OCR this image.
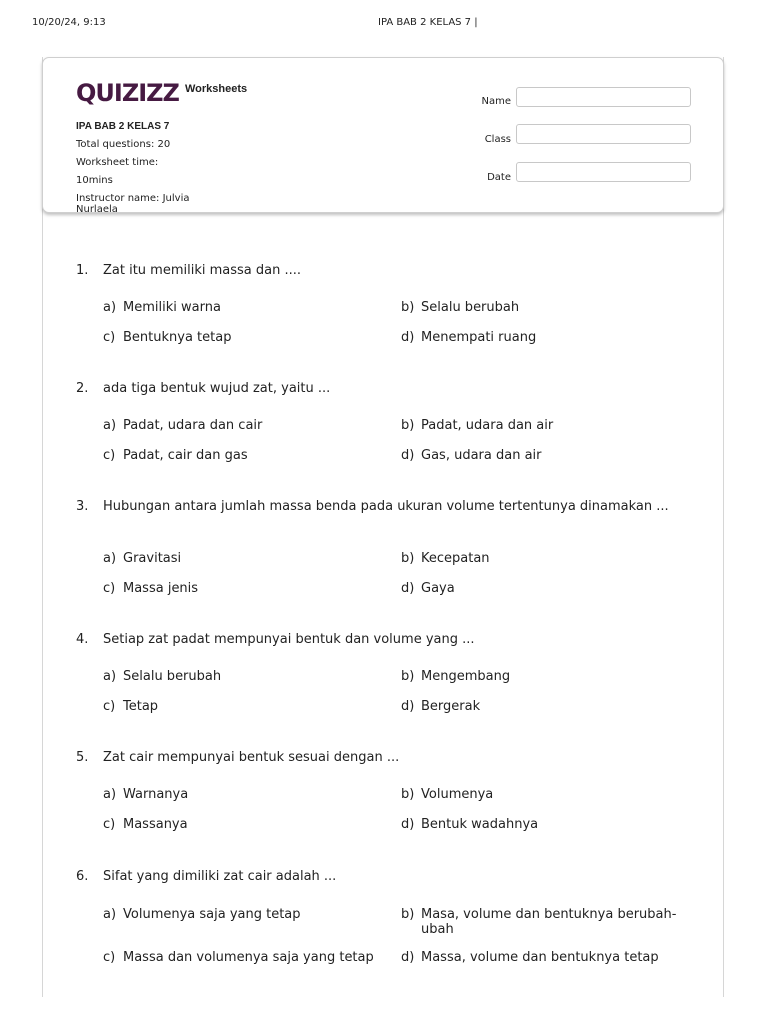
10/20/24, 9:13	IPA BAB 2 KELAS 7 |
QUIZIZZ Worksheets
IPA BAB 2 KELAS 7
Total questions: 20
Worksheet time:
10mins
Instructor name: Julvia Nurlaela
Name
Class
Date
1.	Zat itu memiliki massa dan ....
a) Memiliki warna	b) Selalu berubah
c) Bentuknya tetap	d) Menempati ruang
2.	ada tiga bentuk wujud zat, yaitu ...
a) Padat, udara dan cair	b) Padat, udara dan air
c) Padat, cair dan gas	d) Gas, udara dan air
3.	Hubungan antara jumlah massa benda pada ukuran volume tertentunya dinamakan ...
a) Gravitasi	b) Kecepatan
c) Massa jenis	d) Gaya
4.	Setiap zat padat mempunyai bentuk dan volume yang ...
a) Selalu berubah	b) Mengembang
c) Tetap	d) Bergerak
5.	Zat cair mempunyai bentuk sesuai dengan ...
a) Warnanya	b) Volumenya
c) Massanya	d) Bentuk wadahnya
6.	Sifat yang dimiliki zat cair adalah ...
a) Volumenya saja yang tetap	b) Masa, volume dan bentuknya berubah-ubah
c) Massa dan volumenya saja yang tetap	d) Massa, volume dan bentuknya tetap
